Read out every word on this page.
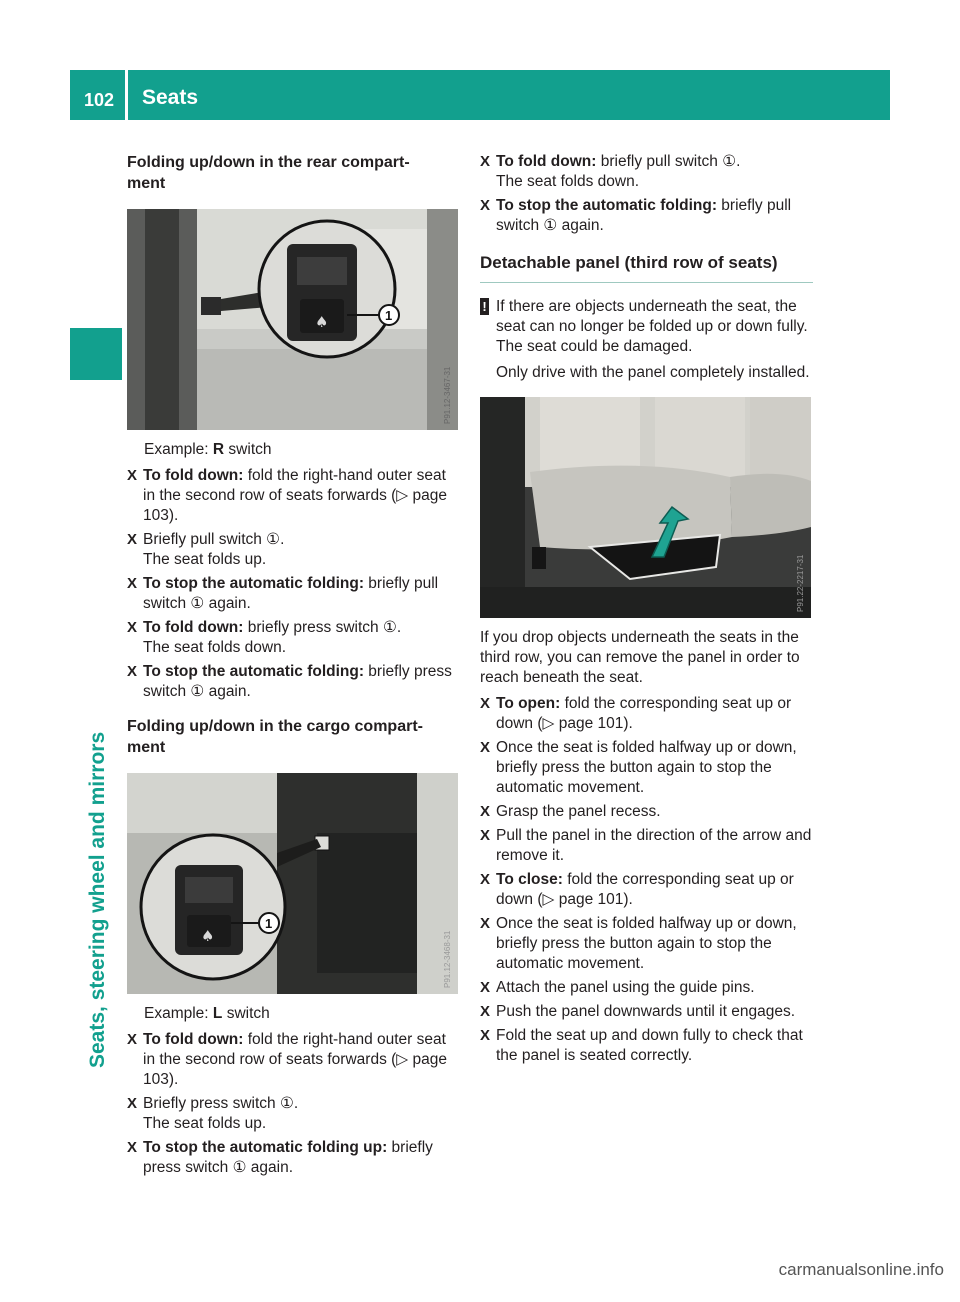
102 Seats
Seats, steering wheel and mirrors
Folding up/down in the rear compart-
ment
♠	1
P91.12-3467-31
Example: R switch
X To fold down: fold the right-hand outer seat in the second row of seats forwards (▷ page 103).
X Briefly pull switch ①.
The seat folds up.
X To stop the automatic folding: briefly pull switch ① again.
X To fold down: briefly press switch ①.
The seat folds down.
X To stop the automatic folding: briefly press switch ① again.
Folding up/down in the cargo compart-
ment
♠
1
P91.12-3468-31
Example: L switch
X To fold down: fold the right-hand outer seat in the second row of seats forwards (▷ page 103).
X Briefly press switch ①.
The seat folds up.
X To stop the automatic folding up: briefly press switch ① again.
X To fold down: briefly pull switch ①.
The seat folds down.
X To stop the automatic folding: briefly pull switch ① again.
Detachable panel (third row of seats)
! If there are objects underneath the seat, the seat can no longer be folded up or down fully. The seat could be damaged.

Only drive with the panel completely installed.

P91.22-2217-31
If you drop objects underneath the seats in the third row, you can remove the panel in order to reach beneath the seat.
X To open: fold the corresponding seat up or down (▷ page 101).
X Once the seat is folded halfway up or down, briefly press the button again to stop the automatic movement.
X Grasp the panel recess.
X Pull the panel in the direction of the arrow and remove it.
X To close: fold the corresponding seat up or down (▷ page 101).
X Once the seat is folded halfway up or down, briefly press the button again to stop the automatic movement.
X Attach the panel using the guide pins.
X Push the panel downwards until it engages.
X Fold the seat up and down fully to check that the panel is seated correctly.
carmanualsonline.info
